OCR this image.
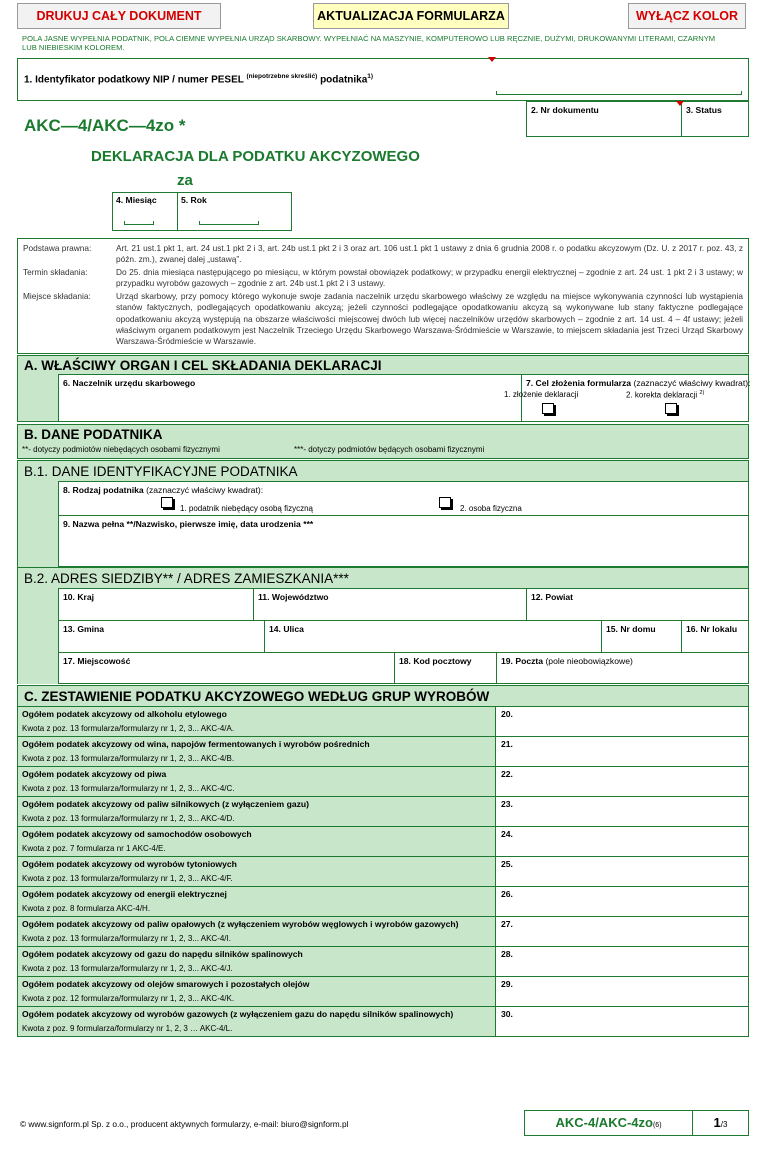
DRUKUJ CAŁY DOKUMENT	AKTUALIZACJA FORMULARZA	WYŁĄCZ KOLOR
POLA JASNE WYPEŁNIA PODATNIK, POLA CIEMNE WYPEŁNIA URZĄD SKARBOWY. WYPEŁNIAĆ NA MASZYNIE, KOMPUTEROWO LUB RĘCZNIE, DUŻYMI, DRUKOWANYMI LITERAMI, CZARNYM LUB NIEBIESKIM KOLOREM.
1. Identyfikator podatkowy NIP / numer PESEL $^{(niepotrzebne skreślić)}$ podatnika$^{1)}$
2. Nr dokumentu	3. Status
AKC—4/AKC—4zo *
DEKLARACJA DLA PODATKU AKCYZOWEGO
za
4. Miesiąc	5. Rok
Podstawa prawna:	Art. 21 ust.1 pkt 1, art. 24 ust.1 pkt 2 i 3, art. 24b ust.1 pkt 2 i 3 oraz art. 106 ust.1 pkt 1 ustawy z dnia 6 grudnia 2008 r. o podatku akcyzowym (Dz. U. z 2017 r. poz. 43, z późn. zm.), zwanej dalej „ustawą”.
Termin składania:	Do 25. dnia miesiąca następującego po miesiącu, w którym powstał obowiązek podatkowy; w przypadku energii elektrycznej – zgodnie z art. 24 ust. 1 pkt 2 i 3 ustawy; w przypadku wyrobów gazowych – zgodnie z art. 24b ust.1 pkt 2 i 3 ustawy.
Miejsce składania:	Urząd skarbowy, przy pomocy którego wykonuje swoje zadania naczelnik urzędu skarbowego właściwy ze względu na miejsce wykonywania czynności lub wystąpienia stanów faktycznych, podlegających opodatkowaniu akcyzą; jeżeli czynności podlegające opodatkowaniu akcyzą są wykonywane lub stany faktyczne podlegające opodatkowaniu akcyzą występują na obszarze właściwości miejscowej dwóch lub więcej naczelników urzędów skarbowych – zgodnie z art. 14 ust. 4 – 4f ustawy; jeżeli właściwym organem podatkowym jest Naczelnik Trzeciego Urzędu Skarbowego Warszawa-Śródmieście w Warszawie, to miejscem składania jest Trzeci Urząd Skarbowy Warszawa-Śródmieście w Warszawie.
A. WŁAŚCIWY ORGAN I CEL SKŁADANIA DEKLARACJI
6. Naczelnik urzędu skarbowego	7. Cel złożenia formularza (zaznaczyć właściwy kwadrat):
1. złożenie deklaracji	2. korekta deklaracji $^{2)}$
B. DANE PODATNIKA
**- dotyczy podmiotów niebędących osobami fizycznymi	***- dotyczy podmiotów będących osobami fizycznymi
B.1. DANE IDENTYFIKACYJNE PODATNIKA
8. Rodzaj podatnika (zaznaczyć właściwy kwadrat):
1. podatnik niebędący osobą fizyczną	2. osoba fizyczna
9. Nazwa pełna **/Nazwisko, pierwsze imię, data urodzenia ***
B.2. ADRES SIEDZIBY** / ADRES ZAMIESZKANIA***
10. Kraj	11. Województwo	12. Powiat
13. Gmina	14. Ulica	15. Nr domu	16. Nr lokalu
17. Miejscowość	18. Kod pocztowy	19. Poczta (pole nieobowiązkowe)
C. ZESTAWIENIE PODATKU AKCYZOWEGO WEDŁUG GRUP WYROBÓW
Ogółem podatek akcyzowy od alkoholu etylowego
Kwota z poz. 13 formularza/formularzy nr 1, 2, 3... AKC-4/A.
20.
Ogółem podatek akcyzowy od wina, napojów fermentowanych i wyrobów pośrednich
Kwota z poz. 13 formularza/formularzy nr 1, 2, 3... AKC-4/B.
21.
Ogółem podatek akcyzowy od piwa
Kwota z poz. 13 formularza/formularzy nr 1, 2, 3... AKC-4/C.
22.
Ogółem podatek akcyzowy od paliw silnikowych (z wyłączeniem gazu)
Kwota z poz. 13 formularza/formularzy nr 1, 2, 3... AKC-4/D.
23.
Ogółem podatek akcyzowy od samochodów osobowych
Kwota z poz. 7 formularza nr 1 AKC-4/E.
24.
Ogółem podatek akcyzowy od wyrobów tytoniowych
Kwota z poz. 13 formularza/formularzy nr 1, 2, 3... AKC-4/F.
25.
Ogółem podatek akcyzowy od energii elektrycznej
Kwota z poz. 8 formularza AKC-4/H.
26.
Ogółem podatek akcyzowy od paliw opałowych (z wyłączeniem wyrobów węglowych i wyrobów gazowych)
Kwota z poz. 13 formularza/formularzy nr 1, 2, 3... AKC-4/I.
27.
Ogółem podatek akcyzowy od gazu do napędu silników spalinowych
Kwota z poz. 13 formularza/formularzy nr 1, 2, 3... AKC-4/J.
28.
Ogółem podatek akcyzowy od olejów smarowych i pozostałych olejów
Kwota z poz. 12 formularza/formularzy nr 1, 2, 3... AKC-4/K.
29.
Ogółem podatek akcyzowy od wyrobów gazowych (z wyłączeniem gazu do napędu silników spalinowych)
Kwota z poz. 9 formularza/formularzy nr 1, 2, 3 … AKC-4/L.
30.
© www.signform.pl Sp. z o.o., producent aktywnych formularzy, e-mail: biuro@signform.pl	AKC-4/AKC-4zo(6)	1/3
